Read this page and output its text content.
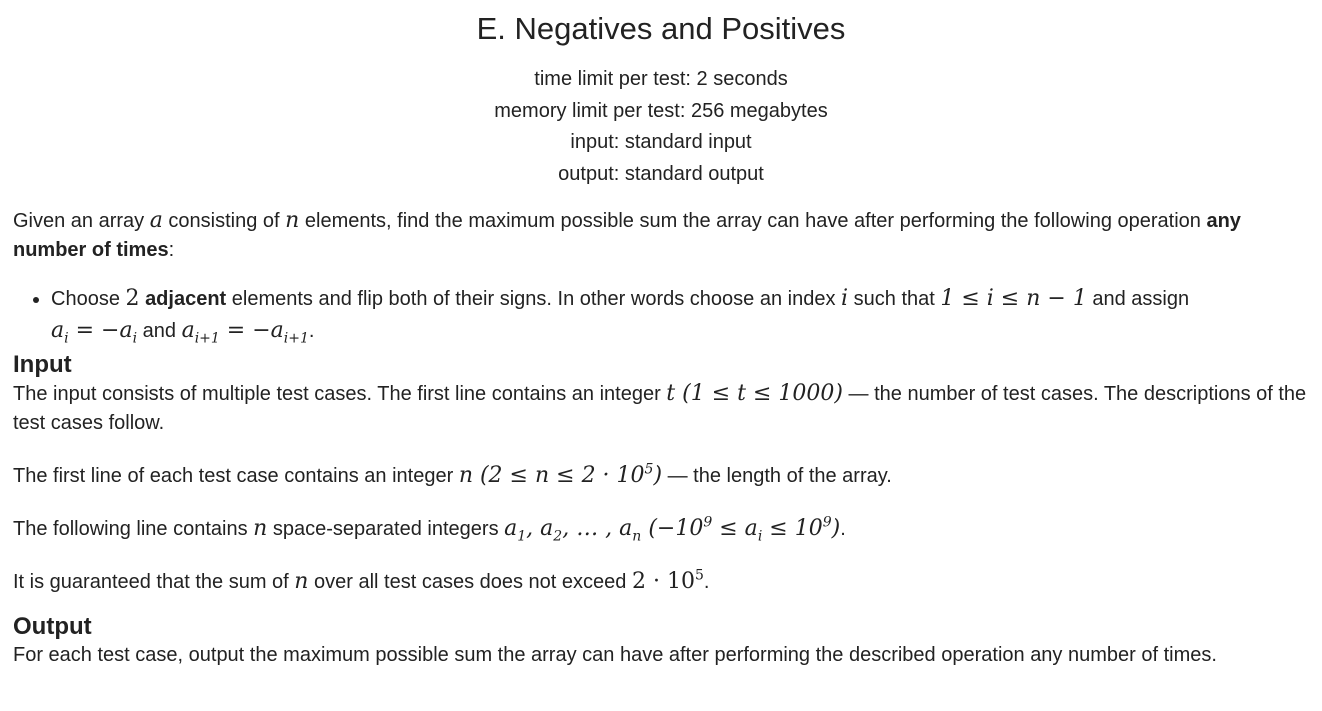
E. Negatives and Positives
time limit per test: 2 seconds
memory limit per test: 256 megabytes
input: standard input
output: standard output

Given an array a consisting of n elements, find the maximum possible sum the array can have after performing the following operation any number of times:

• Choose 2 adjacent elements and flip both of their signs. In other words choose an index i such that 1 ≤ i ≤ n − 1 and assign
$a_i = -a_i$ and $a_{i+1} = -a_{i+1}$.
Input

The input consists of multiple test cases. The first line contains an integer t (1 ≤ t ≤ 1000) — the number of test cases. The descriptions of the test cases follow.

The first line of each test case contains an integer n $(2 \le n \le 2 \cdot 10^5)$ — the length of the array.

The following line contains n space-separated integers $a_1$, $a_2$, … , $a_n$ $(-10^9 \le a_i \le 10^9)$.

It is guaranteed that the sum of n over all test cases does not exceed $2 \cdot 10^5$.

Output

For each test case, output the maximum possible sum the array can have after performing the described operation any number of times.
